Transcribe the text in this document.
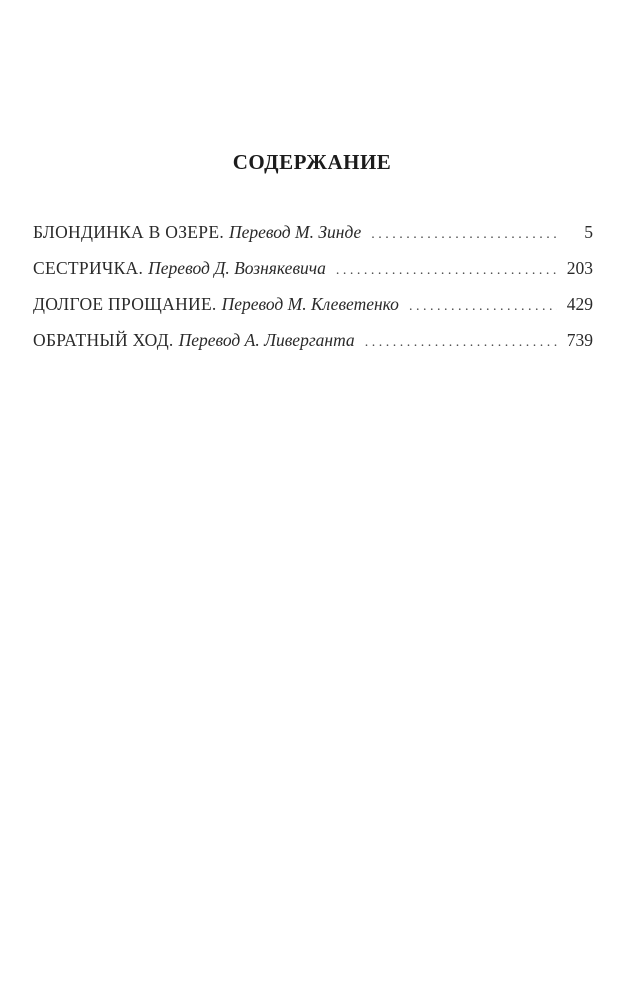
СОДЕРЖАНИЕ
БЛОНДИНКА В ОЗЕРЕ. Перевод М. Зинде . . .	5
СЕСТРИЧКА. Перевод Д. Вознякевича . . .	203
ДОЛГОЕ ПРОЩАНИЕ. Перевод М. Клеветенко . . .	429
ОБРАТНЫЙ ХОД. Перевод А. Ливерганта . . .	739
